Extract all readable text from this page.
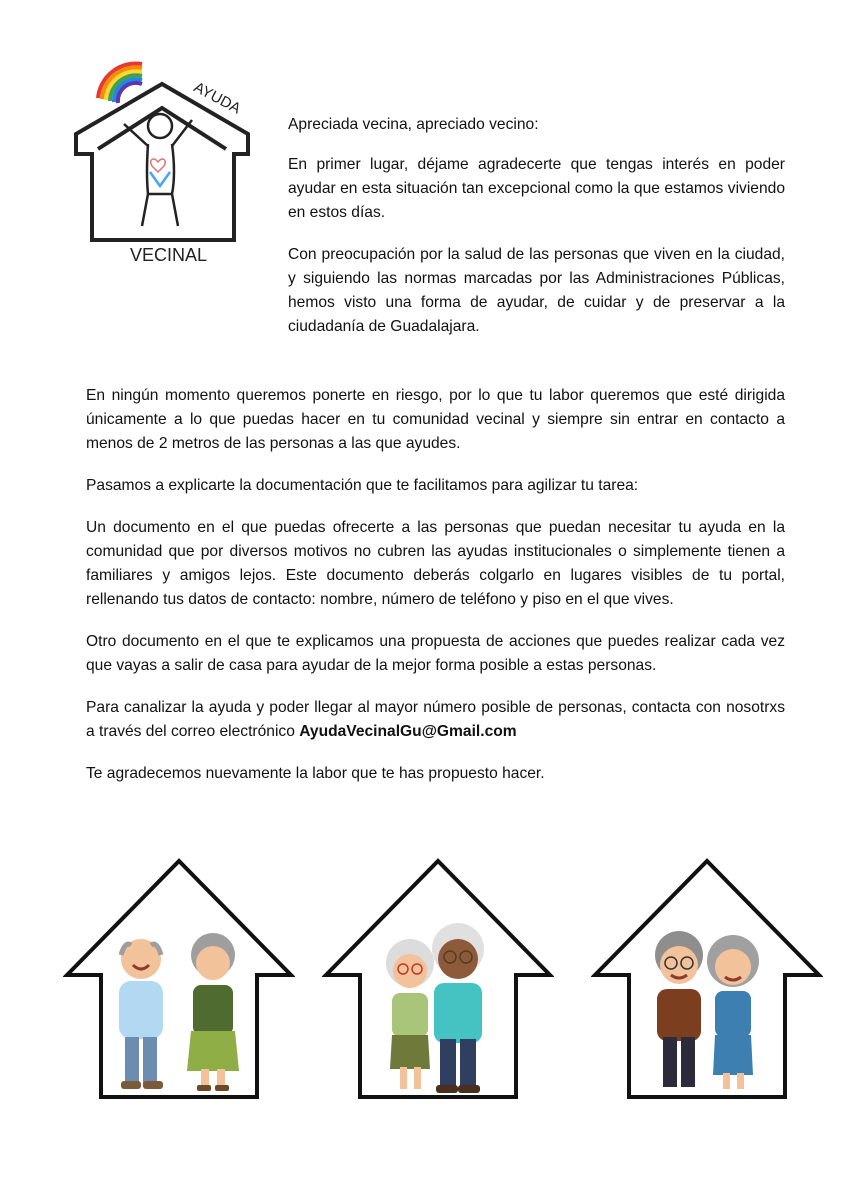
AYUDA
VECINAL

Apreciada vecina, apreciado vecino:

En primer lugar, déjame agradecerte que tengas interés en poder ayudar en esta situación tan excepcional como la que estamos viviendo en estos días.

Con preocupación por la salud de las personas que viven en la ciudad, y siguiendo las normas marcadas por las Administraciones Públicas, hemos visto una forma de ayudar, de cuidar y de preservar a la ciudadanía de Guadalajara.

En ningún momento queremos ponerte en riesgo, por lo que tu labor queremos que esté dirigida únicamente a lo que puedas hacer en tu comunidad vecinal y siempre sin entrar en contacto a menos de 2 metros de las personas a las que ayudes.

Pasamos a explicarte la documentación que te facilitamos para agilizar tu tarea:

Un documento en el que puedas ofrecerte a las personas que puedan necesitar tu ayuda en la comunidad que por diversos motivos no cubren las ayudas institucionales o simplemente tienen a familiares y amigos lejos. Este documento deberás colgarlo en lugares visibles de tu portal, rellenando tus datos de contacto: nombre, número de teléfono y piso en el que vives.

Otro documento en el que te explicamos una propuesta de acciones que puedes realizar cada vez que vayas a salir de casa para ayudar de la mejor forma posible a estas personas.

Para canalizar la ayuda y poder llegar al mayor número posible de personas, contacta con nosotrxs a través del correo electrónico AyudaVecinalGu@Gmail.com

Te agradecemos nuevamente la labor que te has propuesto hacer.
